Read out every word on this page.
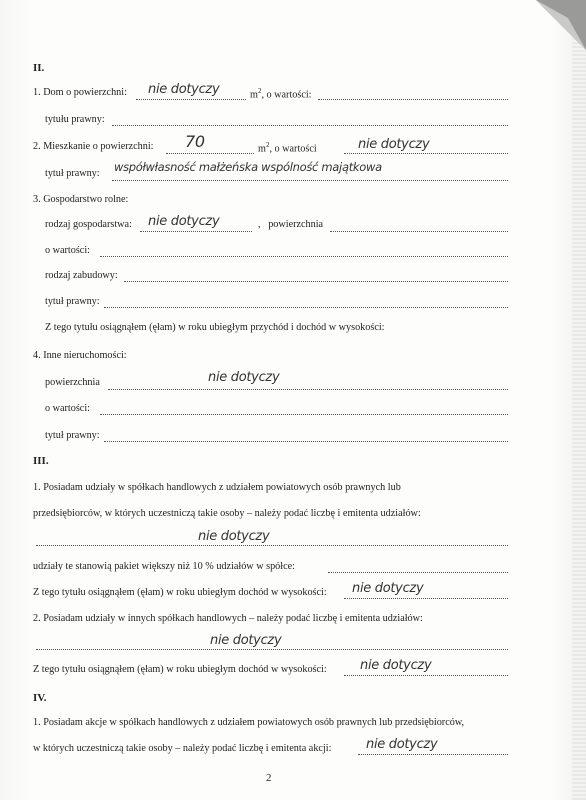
II.
1. Dom o powierzchni: nie dotyczy	$m^2$, o wartości:
tytułu prawny:
2. Mieszkanie o powierzchni: 70	$m^2$, o wartości	nie dotyczy
tytuł prawny: współwłasność małżeńska wspólność majątkowa
3. Gospodarstwo rolne:
rodzaj gospodarstwa: nie dotyczy	,   powierzchnia
o wartości:
rodzaj zabudowy:
tytuł prawny:
Z tego tytułu osiągnąłem (ęłam) w roku ubiegłym przychód i dochód w wysokości:
4. Inne nieruchomości:
powierzchnia	nie dotyczy
o wartości:
tytuł prawny:
III.
1. Posiadam udziały w spółkach handlowych z udziałem powiatowych osób prawnych lub
przedsiębiorców, w których uczestniczą takie osoby – należy podać liczbę i emitenta udziałów:
nie dotyczy
udziały te stanowią pakiet większy niż 10 % udziałów w spółce:
Z tego tytułu osiągnąłem (ęłam) w roku ubiegłym dochód w wysokości: nie dotyczy
2. Posiadam udziały w innych spółkach handlowych – należy podać liczbę i emitenta udziałów:
nie dotyczy
Z tego tytułu osiągnąłem (ęłam) w roku ubiegłym dochód w wysokości:	nie dotyczy
IV.
1. Posiadam akcje w spółkach handlowych z udziałem powiatowych osób prawnych lub przedsiębiorców,
w których uczestniczą takie osoby – należy podać liczbę i emitenta akcji:	nie dotyczy
2
